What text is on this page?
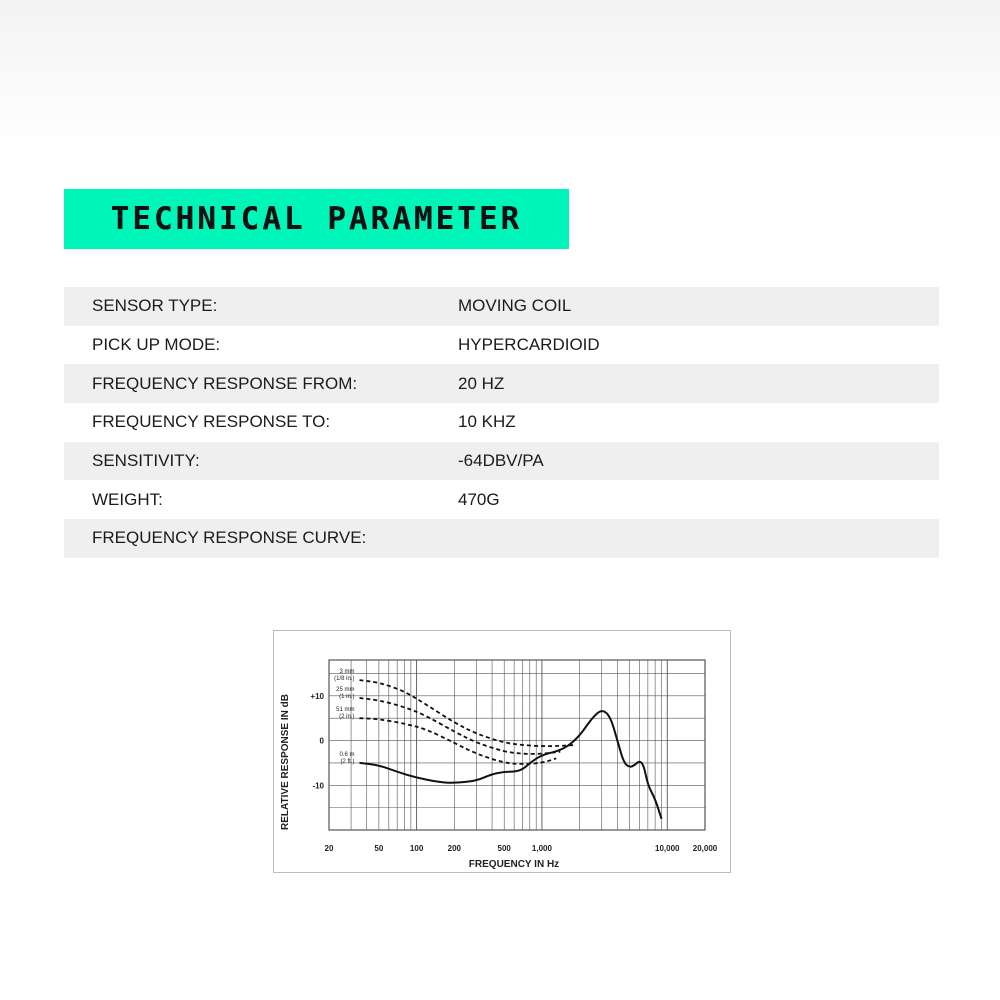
TECHNICAL PARAMETER
SENSOR TYPE:	MOVING COIL
PICK UP MODE:	HYPERCARDIOID
FREQUENCY RESPONSE FROM:	20 HZ
FREQUENCY RESPONSE TO:	10 KHZ
SENSITIVITY:	-64DBV/PA
WEIGHT:	470G
FREQUENCY RESPONSE CURVE:
20	50	100	200	500	1,000	10,000 20,000
+10
0
-10
3 mm
(1/8 in.)
25 mm
(1 in.)
51 mm
(2 in.)
0.6 m
(2 ft.)
RELATIVE RESPONSE IN dB
FREQUENCY IN Hz
